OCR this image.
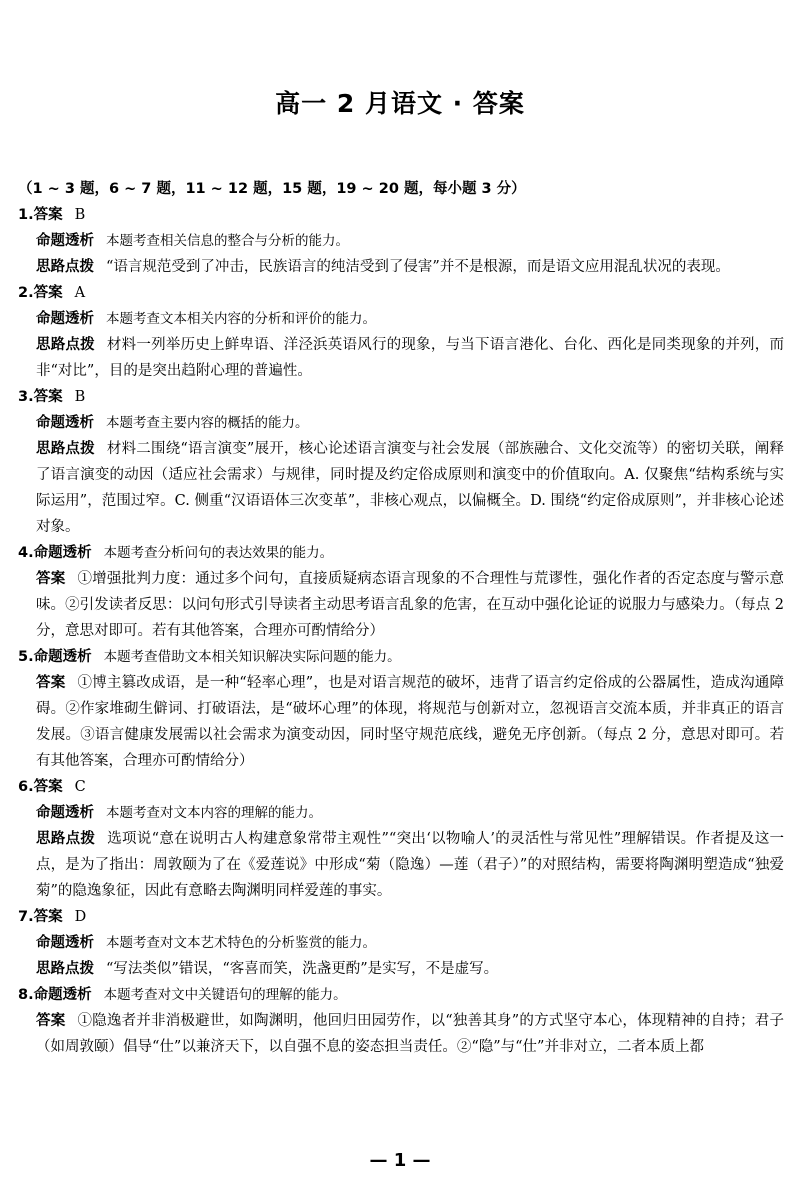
高一 2 月语文 · 答案
（1 ~ 3 题，6 ~ 7 题，11 ~ 12 题，15 题，19 ~ 20 题，每小题 3 分）
1.答案 B
命题透析 本题考查相关信息的整合与分析的能力。
思路点拨 “语言规范受到了冲击，民族语言的纯洁受到了侵害”并不是根源，而是语文应用混乱状况的表现。
2.答案 A
命题透析 本题考查文本相关内容的分析和评价的能力。
思路点拨 材料一列举历史上鲜卑语、洋泾浜英语风行的现象，与当下语言港化、台化、西化是同类现象的并列，而非“对比”，目的是突出趋附心理的普遍性。
3.答案 B
命题透析 本题考查主要内容的概括的能力。
思路点拨 材料二围绕“语言演变”展开，核心论述语言演变与社会发展（部族融合、文化交流等）的密切关联，阐释了语言演变的动因（适应社会需求）与规律，同时提及约定俗成原则和演变中的价值取向。A. 仅聚焦“结构系统与实际运用”，范围过窄。C. 侧重“汉语语体三次变革”，非核心观点，以偏概全。D. 围绕“约定俗成原则”，并非核心论述对象。
4.命题透析 本题考查分析问句的表达效果的能力。
答案 ①增强批判力度：通过多个问句，直接质疑病态语言现象的不合理性与荒谬性，强化作者的否定态度与警示意味。②引发读者反思：以问句形式引导读者主动思考语言乱象的危害，在互动中强化论证的说服力与感染力。（每点 2 分，意思对即可。若有其他答案，合理亦可酌情给分）
5.命题透析 本题考查借助文本相关知识解决实际问题的能力。
答案 ①博主篡改成语，是一种“轻率心理”，也是对语言规范的破坏，违背了语言约定俗成的公器属性，造成沟通障碍。②作家堆砌生僻词、打破语法，是“破坏心理”的体现，将规范与创新对立，忽视语言交流本质，并非真正的语言发展。③语言健康发展需以社会需求为演变动因，同时坚守规范底线，避免无序创新。（每点 2 分，意思对即可。若有其他答案，合理亦可酌情给分）
6.答案 C
命题透析 本题考查对文本内容的理解的能力。
思路点拨 选项说“意在说明古人构建意象常带主观性”“突出‘以物喻人’的灵活性与常见性”理解错误。作者提及这一点，是为了指出：周敦颐为了在《爱莲说》中形成“菊（隐逸）—莲（君子）”的对照结构，需要将陶渊明塑造成“独爱菊”的隐逸象征，因此有意略去陶渊明同样爱莲的事实。
7.答案 D
命题透析 本题考查对文本艺术特色的分析鉴赏的能力。
思路点拨 “写法类似”错误，“客喜而笑，洗盏更酌”是实写，不是虚写。
8.命题透析 本题考查对文中关键语句的理解的能力。
答案 ①隐逸者并非消极避世，如陶渊明，他回归田园劳作，以“独善其身”的方式坚守本心，体现精神的自持；君子（如周敦颐）倡导“仕”以兼济天下，以自强不息的姿态担当责任。②“隐”与“仕”并非对立，二者本质上都
— 1 —
